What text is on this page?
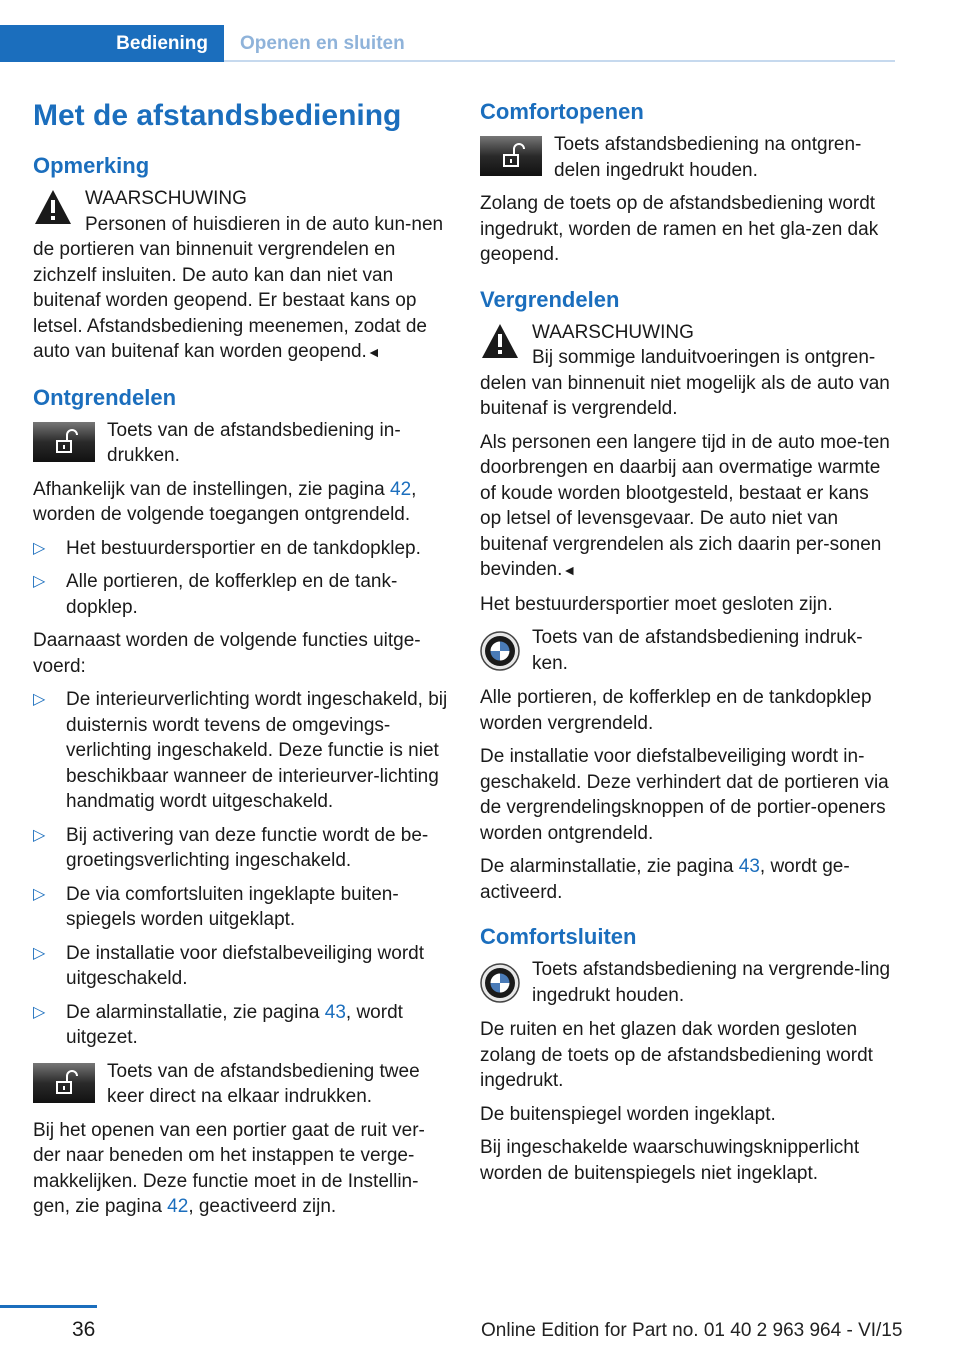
Bediening	Openen en sluiten
Met de afstandsbediening
Opmerking
WAARSCHUWING
Personen of huisdieren in de auto kun-nen de portieren van binnenuit vergrendelen en zichzelf insluiten. De auto kan dan niet van buitenaf worden geopend. Er bestaat kans op letsel. Afstandsbediening meenemen, zodat de auto van buitenaf kan worden geopend.◄
Ontgrendelen
Toets van de afstandsbediening in-drukken.

Afhankelijk van de instellingen, zie pagina 42, worden de volgende toegangen ontgrendeld.

▷ Het bestuurdersportier en de tankdopklep.
▷ Alle portieren, de kofferklep en de tank-dopklep.

Daarnaast worden de volgende functies uitge-voerd:

▷ De interieurverlichting wordt ingeschakeld, bij duisternis wordt tevens de omgevings-verlichting ingeschakeld. Deze functie is niet beschikbaar wanneer de interieurver-lichting handmatig wordt uitgeschakeld.
▷ Bij activering van deze functie wordt de be-groetingsverlichting ingeschakeld.
▷ De via comfortsluiten ingeklapte buiten-spiegels worden uitgeklapt.
▷ De installatie voor diefstalbeveiliging wordt uitgeschakeld.
▷ De alarminstallatie, zie pagina 43, wordt uitgezet.
Toets van de afstandsbediening twee keer direct na elkaar indrukken.

Bij het openen van een portier gaat de ruit ver-der naar beneden om het instappen te verge-makkelijken. Deze functie moet in de Instellin-gen, zie pagina 42, geactiveerd zijn.

Comfortopenen
Toets afstandsbediening na ontgren-delen ingedrukt houden.

Zolang de toets op de afstandsbediening wordt ingedrukt, worden de ramen en het gla-zen dak geopend.

Vergrendelen
WAARSCHUWING
Bij sommige landuitvoeringen is ontgren-delen van binnenuit niet mogelijk als de auto van buitenaf is vergrendeld.

Als personen een langere tijd in de auto moe-ten doorbrengen en daarbij aan overmatige warmte of koude worden blootgesteld, bestaat er kans op letsel of levensgevaar. De auto niet van buitenaf vergrendelen als zich daarin per-sonen bevinden.◄

Het bestuurdersportier moet gesloten zijn.

Toets van de afstandsbediening indruk-ken.

Alle portieren, de kofferklep en de tankdopklep worden vergrendeld.

De installatie voor diefstalbeveiliging wordt in-geschakeld. Deze verhindert dat de portieren via de vergrendelingsknoppen of de portier-openers worden ontgrendeld.

De alarminstallatie, zie pagina 43, wordt ge-activeerd.

Comfortsluiten
Toets afstandsbediening na vergrende-ling ingedrukt houden.

De ruiten en het glazen dak worden gesloten zolang de toets op de afstandsbediening wordt ingedrukt.

De buitenspiegel worden ingeklapt.

Bij ingeschakelde waarschuwingsknipperlicht worden de buitenspiegels niet ingeklapt.

36	Online Edition for Part no. 01 40 2 963 964 - VI/15
